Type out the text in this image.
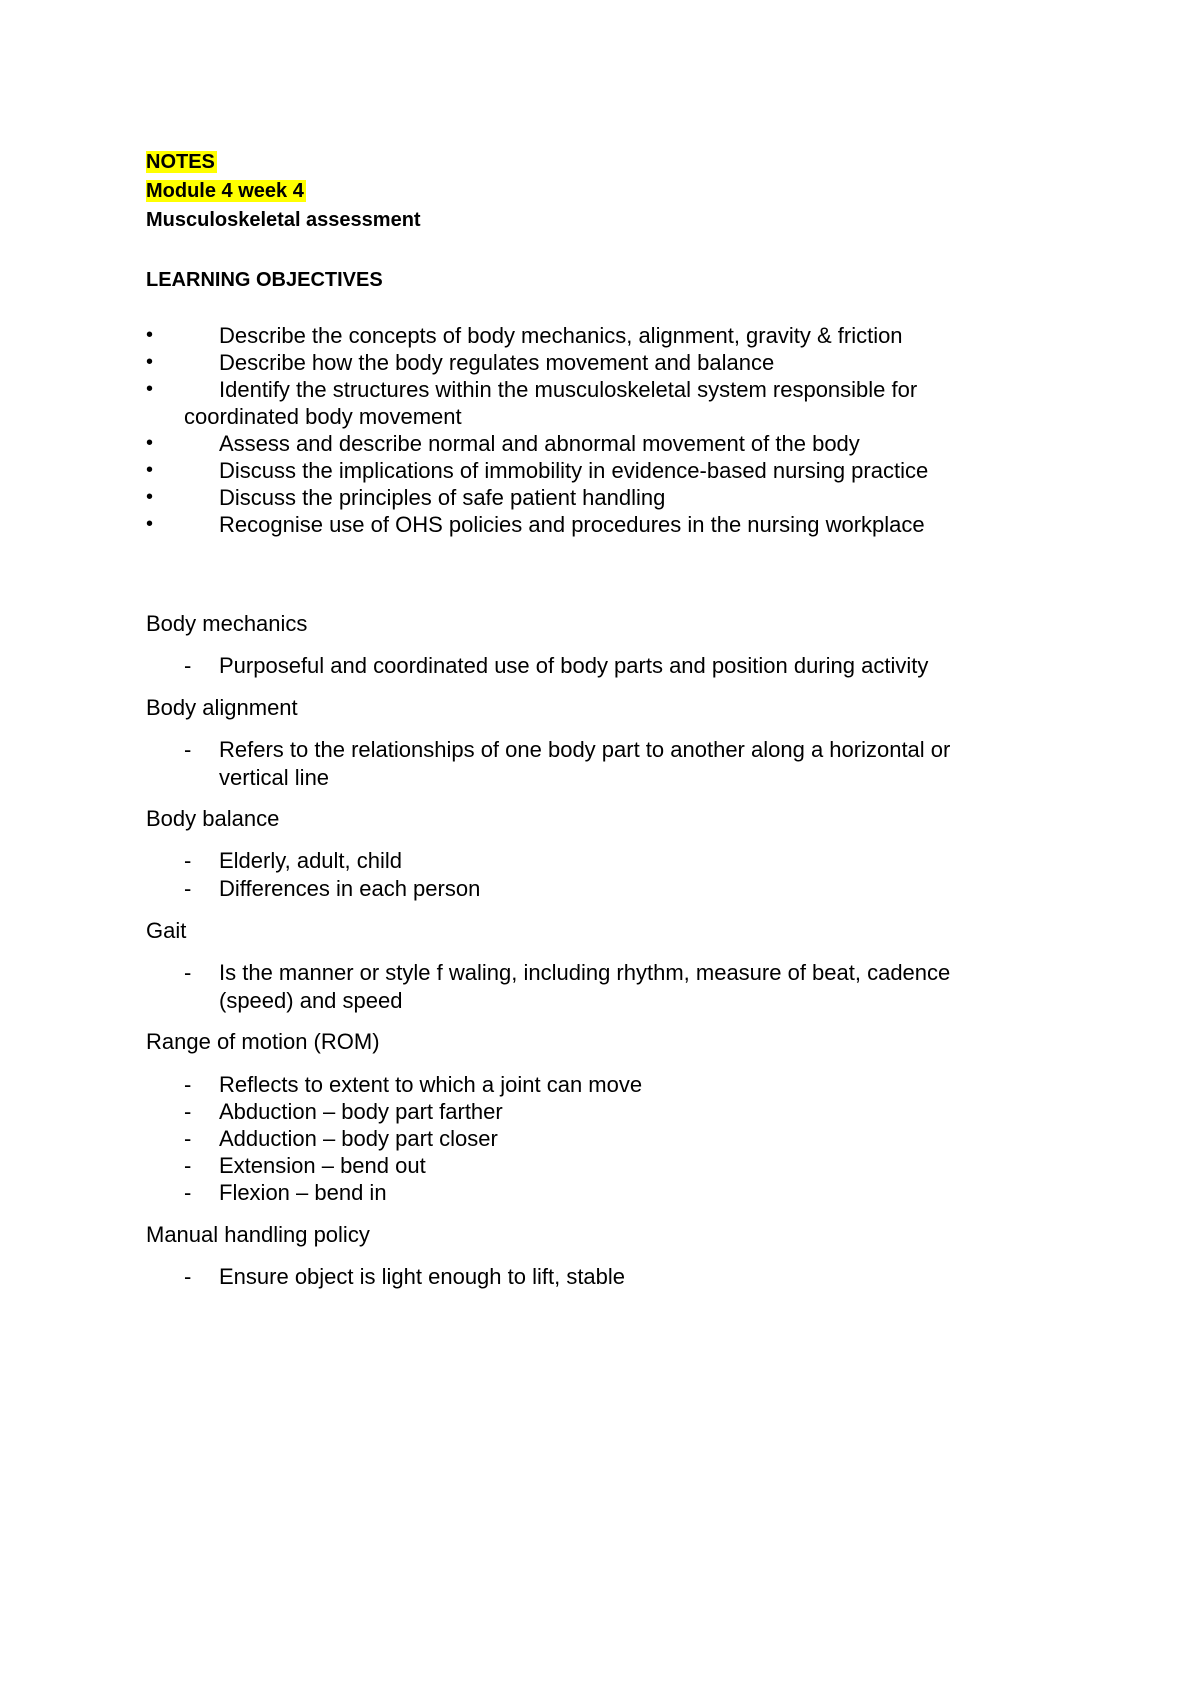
NOTES
Module 4 week 4
Musculoskeletal assessment
LEARNING OBJECTIVES
•	Describe the concepts of body mechanics, alignment, gravity & friction
•	Describe how the body regulates movement and balance
•	Identify the structures within the musculoskeletal system responsible for
coordinated body movement
•	Assess and describe normal and abnormal movement of the body
•	Discuss the implications of immobility in evidence-based nursing practice
•	Discuss the principles of safe patient handling
•	Recognise use of OHS policies and procedures in the nursing workplace
Body mechanics
-	Purposeful and coordinated use of body parts and position during activity
Body alignment
-	Refers to the relationships of one body part to another along a horizontal or
vertical line
Body balance
-	Elderly, adult, child
-	Differences in each person
Gait
-	Is the manner or style f waling, including rhythm, measure of beat, cadence
(speed) and speed
Range of motion (ROM)
-	Reflects to extent to which a joint can move
-	Abduction – body part farther
-	Adduction – body part closer
-	Extension – bend out
-	Flexion – bend in
Manual handling policy
-	Ensure object is light enough to lift, stable
